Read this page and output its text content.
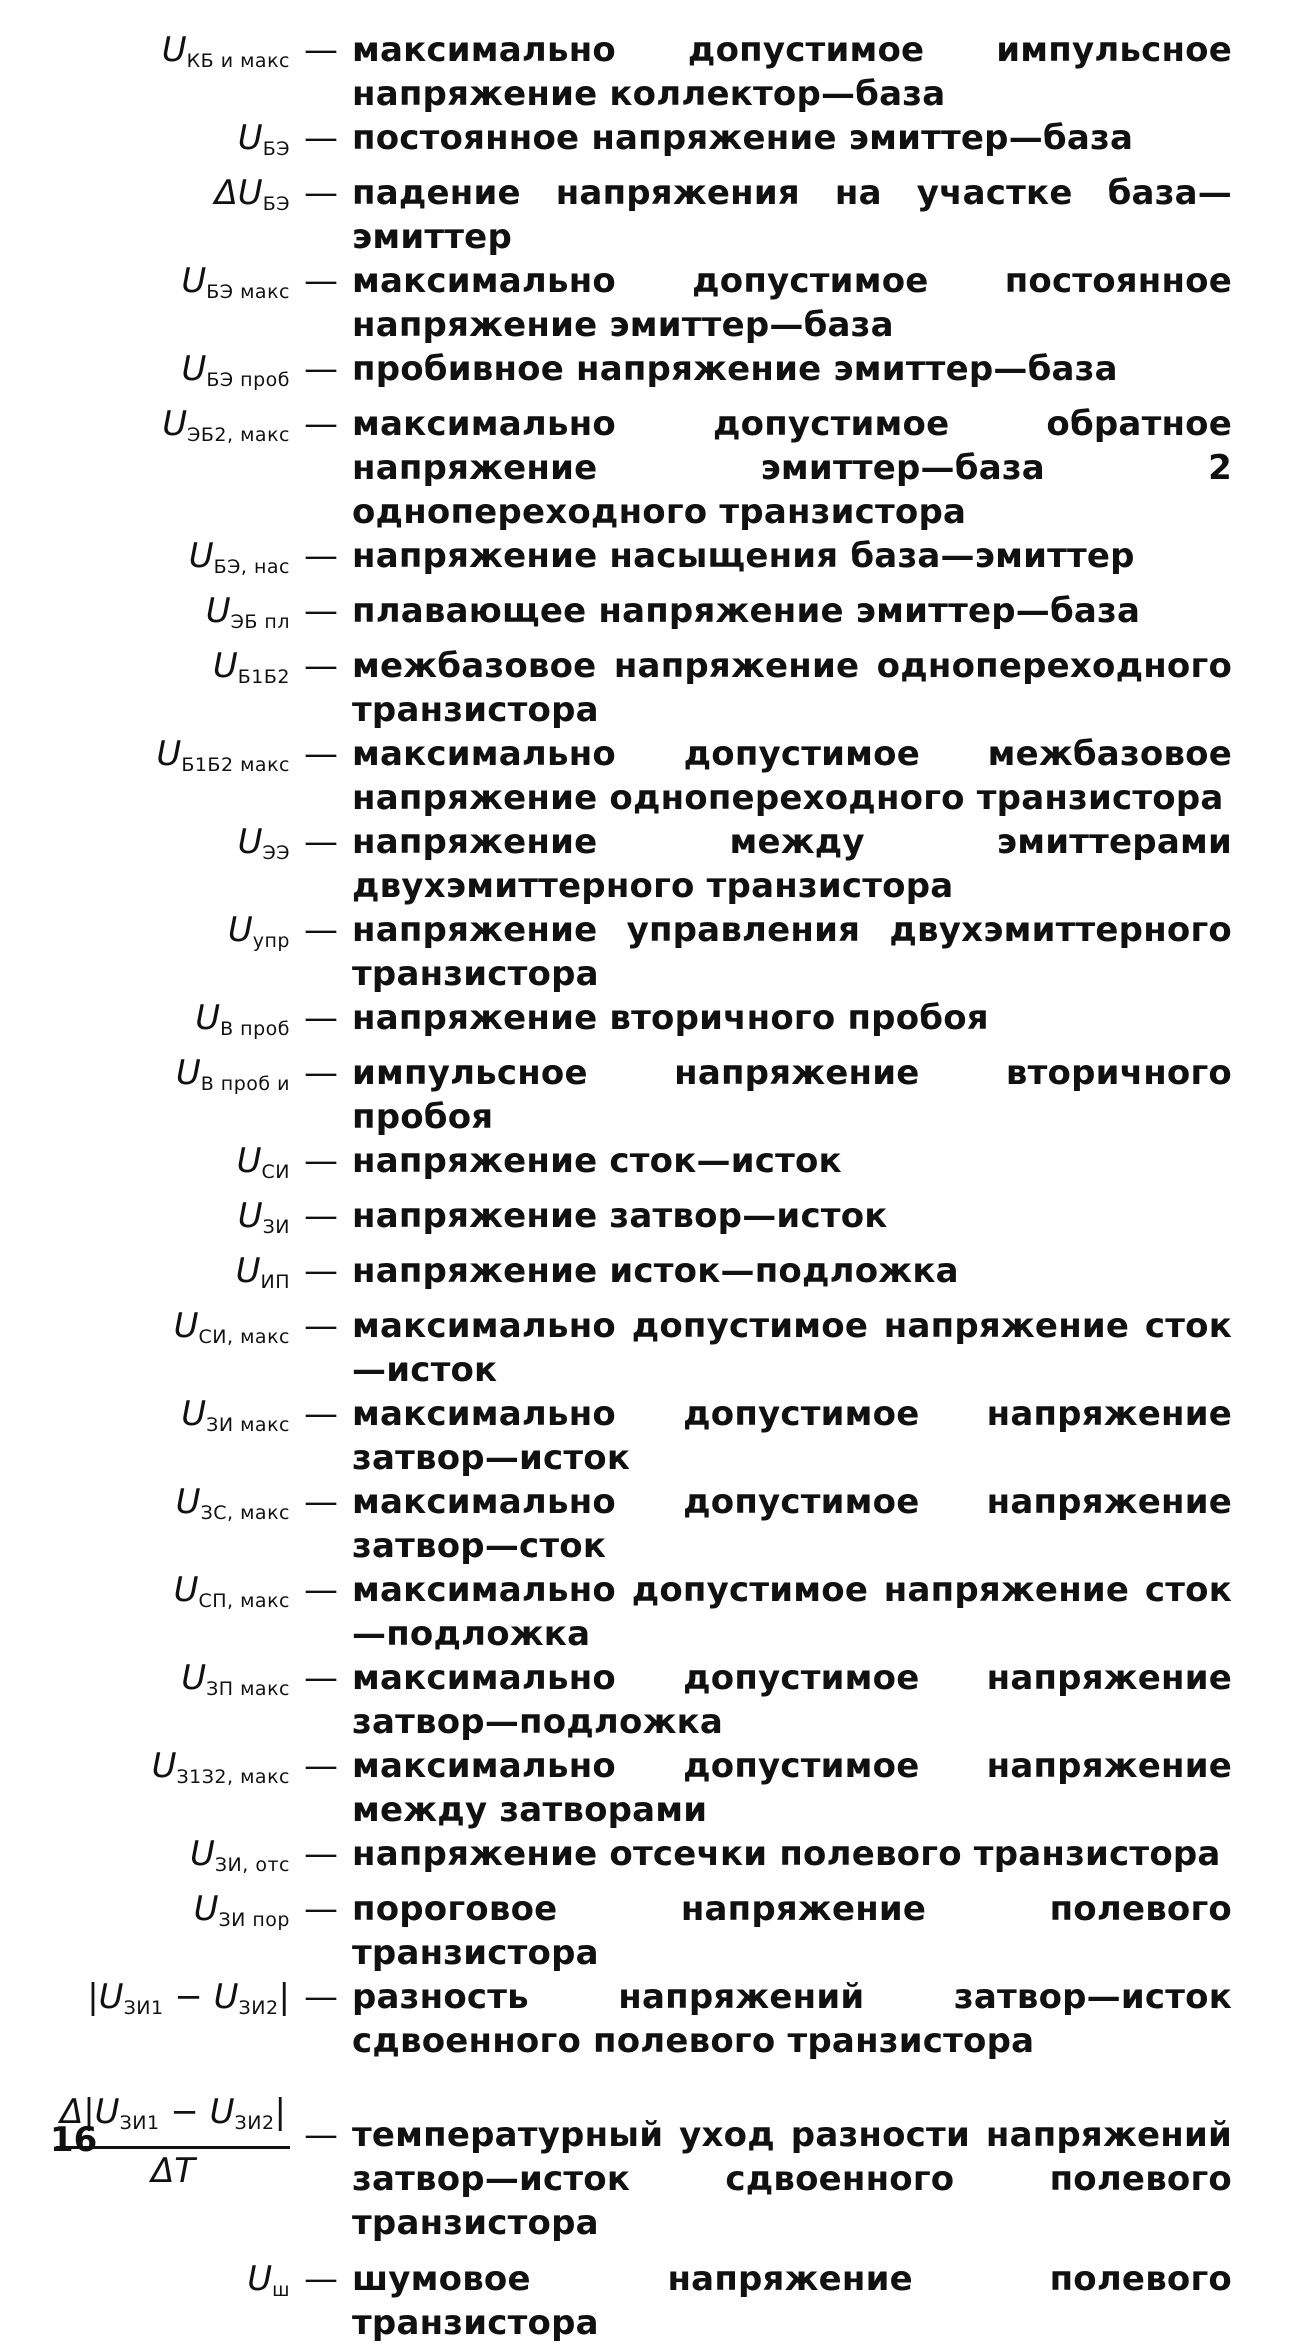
$U_{КБ и макс}$ — максимально допустимое импульсное напряжение коллектор—база
$U_{БЭ}$ — постоянное напряжение эмиттер—база
$\Delta U_{БЭ}$ — падение напряжения на участке база—эмиттер
$U_{БЭ макс}$ — максимально допустимое постоянное напряжение эмиттер—база
$U_{БЭ проб}$ — пробивное напряжение эмиттер—база
$U_{ЭБ2, макс}$ — максимально допустимое обратное напряжение эмиттер—база 2 однопереходного транзистора
$U_{БЭ, нас}$ — напряжение насыщения база—эмиттер
$U_{ЭБ пл}$ — плавающее напряжение эмиттер—база
$U_{Б1Б2}$ — межбазовое напряжение однопереходного транзистора
$U_{Б1Б2 макс}$ — максимально допустимое межбазовое напряжение однопереходного транзистора
$U_{ЭЭ}$ — напряжение между эмиттерами двухэмиттерного транзистора
$U_{упр}$ — напряжение управления двухэмиттерного транзистора
$U_{В проб}$ — напряжение вторичного пробоя
$U_{В проб и}$ — импульсное напряжение вторичного пробоя
$U_{СИ}$ — напряжение сток—исток
$U_{ЗИ}$ — напряжение затвор—исток
$U_{ИП}$ — напряжение исток—подложка
$U_{СИ, макс}$ — максимально допустимое напряжение сток—исток
$U_{ЗИ макс}$ — максимально допустимое напряжение затвор—исток
$U_{ЗС, макс}$ — максимально допустимое напряжение затвор—сток
$U_{СП, макс}$ — максимально допустимое напряжение сток—подложка
$U_{ЗП макс}$ — максимально допустимое напряжение затвор—подложка
$U_{З1З2, макс}$ — максимально допустимое напряжение между затворами
$U_{ЗИ, отс}$ — напряжение отсечки полевого транзистора
$U_{ЗИ пор}$ — пороговое напряжение полевого транзистора
$|U_{ЗИ1} - U_{ЗИ2}|$ — разность напряжений затвор—исток сдвоенного полевого транзистора
$\frac{\Delta|U_{ЗИ1} - U_{ЗИ2}|}{\Delta T}$ — температурный уход разности напряжений затвор—исток сдвоенного полевого транзистора
$U_ш$ — шумовое напряжение полевого транзистора
16
